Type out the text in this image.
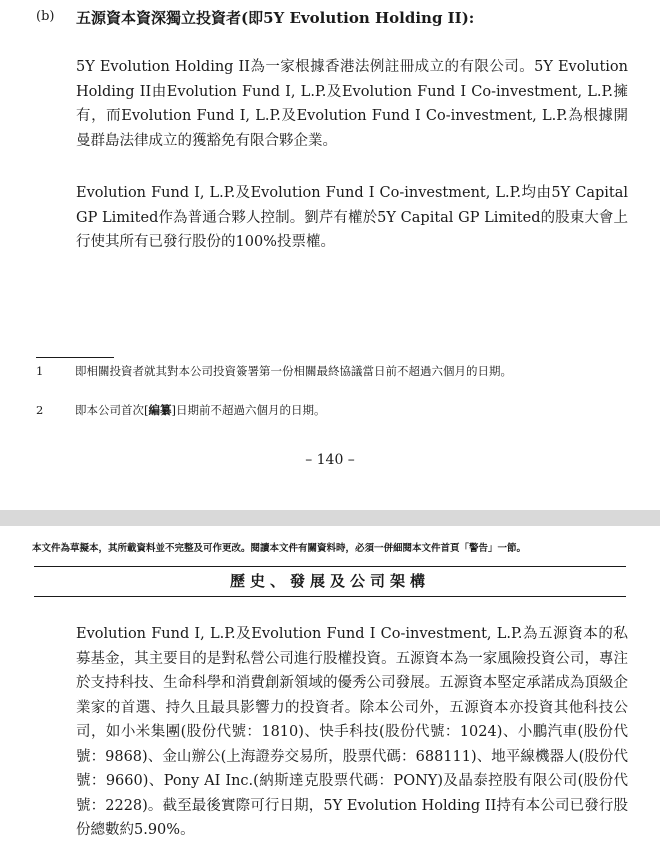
(b) 五源資本資深獨立投資者(即5Y Evolution Holding II):
5Y Evolution Holding II為一家根據香港法例註冊成立的有限公司。5Y Evolution Holding II由Evolution Fund I, L.P.及Evolution Fund I Co-investment, L.P.擁有，而Evolution Fund I, L.P.及Evolution Fund I Co-investment, L.P.為根據開曼群島法律成立的獲豁免有限合夥企業。
Evolution Fund I, L.P.及Evolution Fund I Co-investment, L.P.均由5Y Capital GP Limited作為普通合夥人控制。劉芹有權於5Y Capital GP Limited的股東大會上行使其所有已發行股份的100%投票權。
1	即相關投資者就其對本公司投資簽署第一份相關最終協議當日前不超過六個月的日期。
2	即本公司首次[編纂]日期前不超過六個月的日期。
– 140 –
本文件為草擬本，其所載資料並不完整及可作更改。閱讀本文件有關資料時，必須一併細閱本文件首頁「警告」一節。
歷史、發展及公司架構
Evolution Fund I, L.P.及Evolution Fund I Co-investment, L.P.為五源資本的私募基金，其主要目的是對私營公司進行股權投資。五源資本為一家風險投資公司，專注於支持科技、生命科學和消費創新領域的優秀公司發展。五源資本堅定承諾成為頂級企業家的首選、持久且最具影響力的投資者。除本公司外，五源資本亦投資其他科技公司，如小米集團(股份代號：1810)、快手科技(股份代號：1024)、小鵬汽車(股份代號：9868)、金山辦公(上海證券交易所，股票代碼：688111)、地平線機器人(股份代號：9660)、Pony AI Inc.(納斯達克股票代碼：PONY)及晶泰控股有限公司(股份代號：2228)。截至最後實際可行日期，5Y Evolution Holding II持有本公司已發行股份總數約5.90%。
